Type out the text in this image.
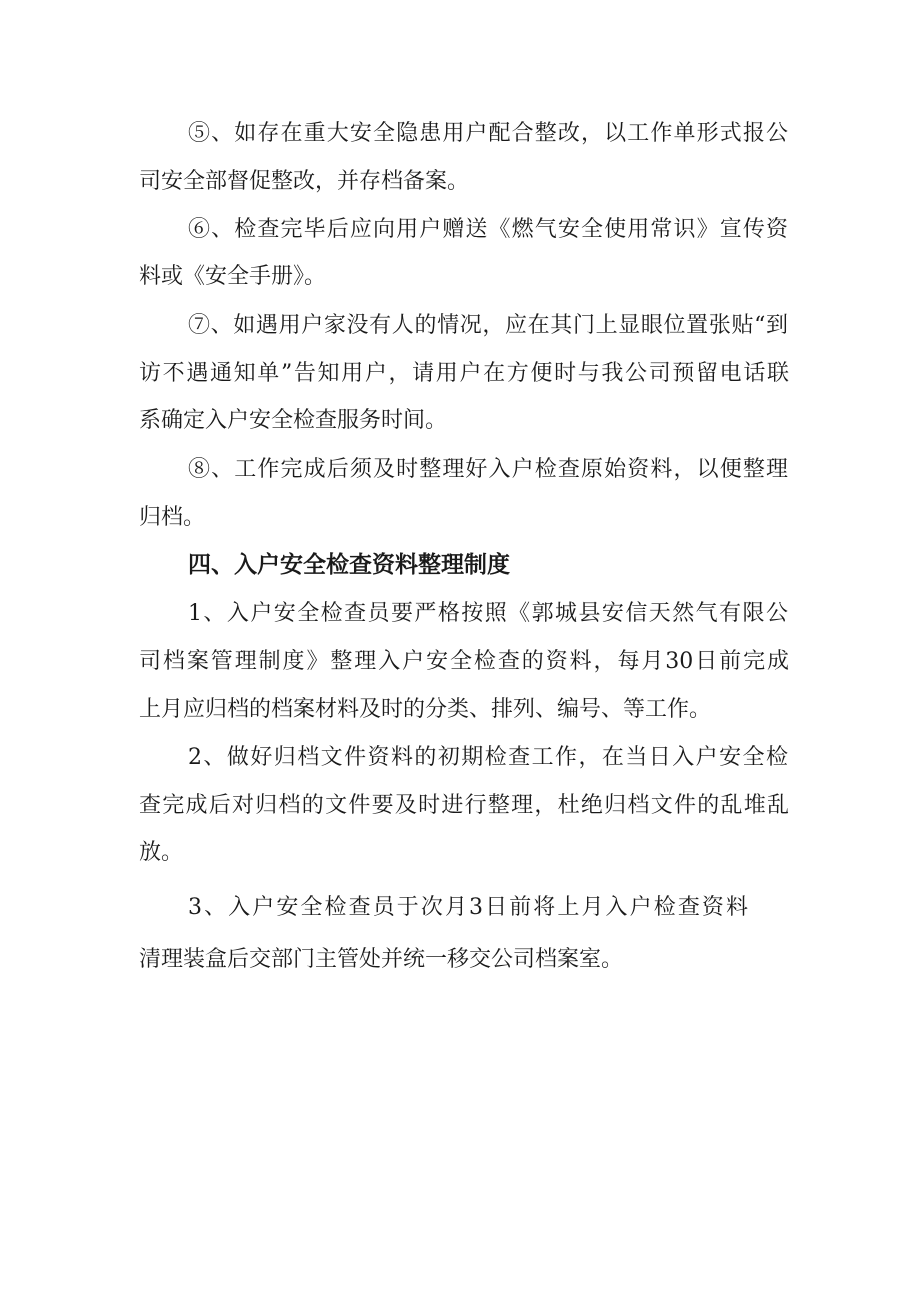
⑤、如存在重大安全隐患用户配合整改，以工作单形式报公
司安全部督促整改，并存档备案。
⑥、检查完毕后应向用户赠送《燃气安全使用常识》宣传资
料或《安全手册》。
⑦、如遇用户家没有人的情况，应在其门上显眼位置张贴“到
访不遇通知单”告知用户，请用户在方便时与我公司预留电话联
系确定入户安全检查服务时间。
⑧、工作完成后须及时整理好入户检查原始资料，以便整理
归档。
四、入户安全检查资料整理制度
1、入户安全检查员要严格按照《郭城县安信天然气有限公
司档案管理制度》整理入户安全检查的资料，每月30日前完成
上月应归档的档案材料及时的分类、排列、编号、等工作。
2、做好归档文件资料的初期检查工作，在当日入户安全检
查完成后对归档的文件要及时进行整理，杜绝归档文件的乱堆乱
放。
3、入户安全检查员于次月3日前将上月入户检查资料
清理装盒后交部门主管处并统一移交公司档案室。
